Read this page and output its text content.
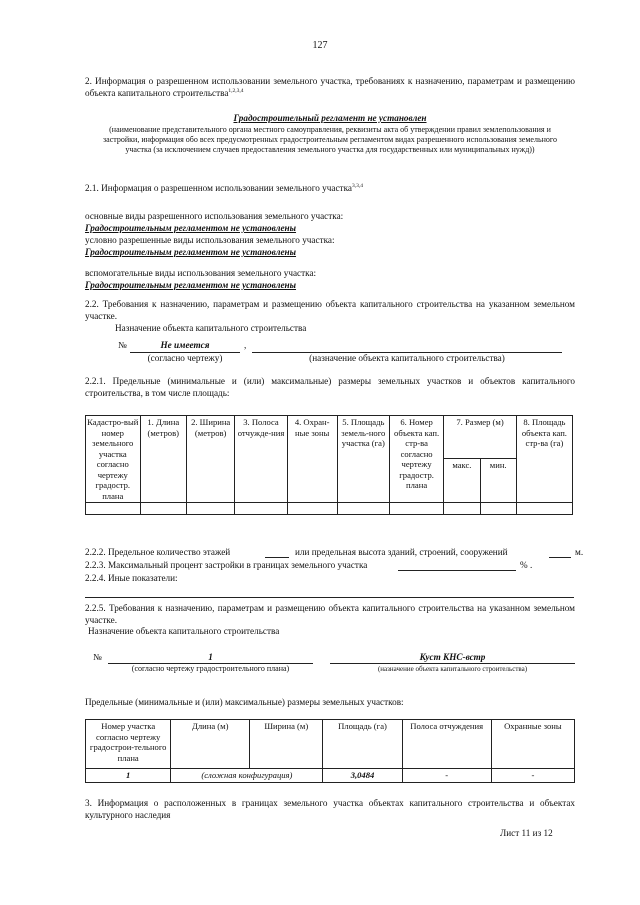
127
2. Информация о разрешенном использовании земельного участка, требованиях к назначению, параметрам и размещению объекта капитального строительства$^{1,2,3,4}$
Градостроительный регламент не установлен
(наименование представительного органа местного самоуправления, реквизиты акта об утверждении правил землепользования и застройки, информация обо всех предусмотренных градостроительным регламентом видах разрешенного использования земельного участка (за исключением случаев предоставления земельного участка для государственных или муниципальных нужд))
2.1. Информация о разрешенном использовании земельного участка$^{3,3,4}$
основные виды разрешенного использования земельного участка:
Градостроительным регламентом не установлены
условно разрешенные виды использования земельного участка:
Градостроительным регламентом не установлены
вспомогательные виды использования земельного участка:
Градостроительным регламентом не установлены
2.2. Требования к назначению, параметрам и размещению объекта капитального строительства на указанном земельном участке.
Назначение объекта капитального строительства
№	Не имеется	,
(согласно чертежу)	(назначение объекта капитального строительства)
2.2.1. Предельные (минимальные и (или) максимальные) размеры земельных участков и объектов капитального строительства, в том числе площадь:
Кадастро-вый номер земельного участка согласно чертежу градостр. плана	1. Длина (метров)	2. Ширина (метров)	3. Полоса отчужде-ния	4. Охран-ные зоны	5. Площадь земель-ного участка (га)	6. Номер объекта кап. стр-ва согласно чертежу градостр. плана	7. Размер (м)		8. Площадь объекта кап. стр-ва (га)
							макс.	мин.	

2.2.2. Предельное количество этажей	или предельная высота зданий, строений, сооружений	м.
2.2.3. Максимальный процент застройки в границах земельного участка	% .
2.2.4. Иные показатели:
2.2.5. Требования к назначению, параметрам и размещению объекта капитального строительства на указанном земельном участке.
Назначение объекта капитального строительства
№	1	Куст КНС-встр
(согласно чертежу градостроительного плана)	(назначение объекта капитального строительства)
Предельные (минимальные и (или) максимальные) размеры земельных участков:
Номер участка согласно чертежу градострои-тельного плана	Длина (м)	Ширина (м)	Площадь (га)	Полоса отчуждения	Охранные зоны
1	(сложная конфигурация)		3,0484	-	-
3. Информация о расположенных в границах земельного участка объектах капитального строительства и объектах культурного наследия
Лист 11 из 12
